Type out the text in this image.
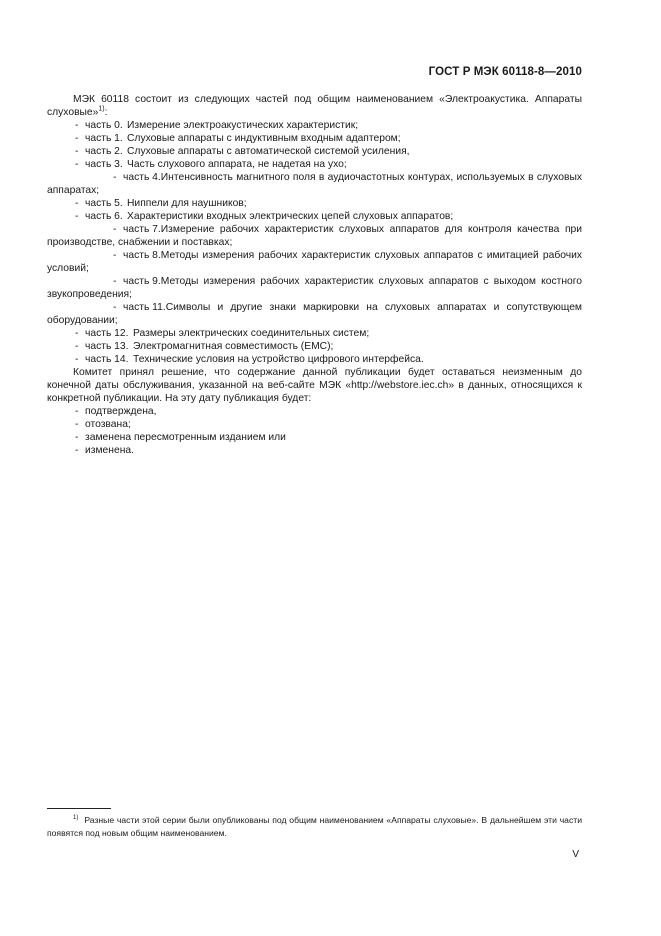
ГОСТ Р МЭК 60118-8—2010

МЭК 60118 состоит из следующих частей под общим наименованием «Электроакустика. Аппараты слуховые»$^{1)}$:

- часть 0. Измерение электроакустических характеристик;
- часть 1. Слуховые аппараты с индуктивным входным адаптером;
- часть 2. Слуховые аппараты с автоматической системой усиления,
- часть 3. Часть слухового аппарата, не надетая на ухо;
- часть 4.Интенсивность магнитного поля в аудиочастотных контурах, используемых в слуховых аппаратах;
- часть 5. Ниппели для наушников;
- часть 6. Характеристики входных электрических цепей слуховых аппаратов;
- часть 7.Измерение рабочих характеристик слуховых аппаратов для контроля качества при производстве, снабжении и поставках;
- часть 8.Методы измерения рабочих характеристик слуховых аппаратов с имитацией рабочих условий;
- часть 9.Методы измерения рабочих характеристик слуховых аппаратов с выходом костного звукопроведения;
- часть 11.Символы и другие знаки маркировки на слуховых аппаратах и сопутствующем оборудовании;
- часть 12. Размеры электрических соединительных систем;
- часть 13. Электромагнитная совместимость (ЕМС);
- часть 14. Технические условия на устройство цифрового интерфейса.

Комитет принял решение, что содержание данной публикации будет оставаться неизменным до конечной даты обслуживания, указанной на веб-сайте МЭК «http://webstore.iec.ch» в данных, относящихся к конкретной публикации. На эту дату публикация будет:

- подтверждена,
- отозвана;
- заменена пересмотренным изданием или
- изменена.
$^{1)}$ Разные части этой серии были опубликованы под общим наименованием «Аппараты слуховые». В дальнейшем эти части появятся под новым общим наименованием.
V
